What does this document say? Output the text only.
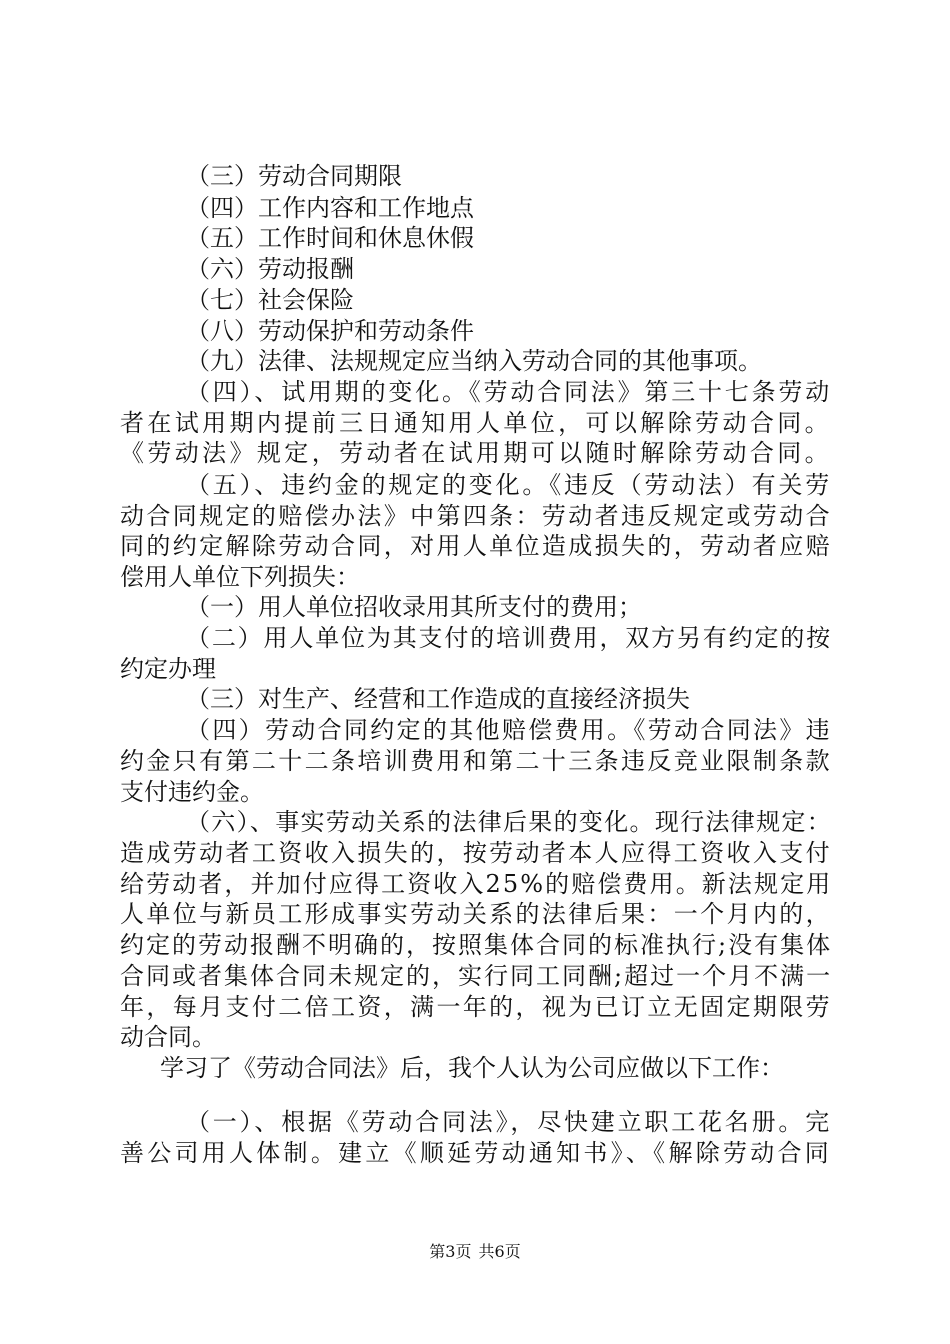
（三）劳动合同期限
（四）工作内容和工作地点
（五）工作时间和休息休假
（六）劳动报酬
（七）社会保险
（八）劳动保护和劳动条件
（九）法律、法规规定应当纳入劳动合同的其他事项。
（四）、试用期的变化。《劳动合同法》第三十七条劳动
者在试用期内提前三日通知用人单位，可以解除劳动合同。
《劳动法》规定，劳动者在试用期可以随时解除劳动合同。
（五）、违约金的规定的变化。《违反（劳动法）有关劳
动合同规定的赔偿办法》中第四条：劳动者违反规定或劳动合
同的约定解除劳动合同，对用人单位造成损失的，劳动者应赔
偿用人单位下列损失：
（一）用人单位招收录用其所支付的费用；
（二）用人单位为其支付的培训费用，双方另有约定的按
约定办理
（三）对生产、经营和工作造成的直接经济损失
（四）劳动合同约定的其他赔偿费用。《劳动合同法》违
约金只有第二十二条培训费用和第二十三条违反竞业限制条款
支付违约金。
（六）、事实劳动关系的法律后果的变化。现行法律规定：
造成劳动者工资收入损失的，按劳动者本人应得工资收入支付
给劳动者，并加付应得工资收入25%的赔偿费用。新法规定用
人单位与新员工形成事实劳动关系的法律后果：一个月内的，
约定的劳动报酬不明确的，按照集体合同的标准执行;没有集体
合同或者集体合同未规定的，实行同工同酬;超过一个月不满一
年，每月支付二倍工资，满一年的，视为已订立无固定期限劳
动合同。
学习了《劳动合同法》后，我个人认为公司应做以下工作：
（一）、根据《劳动合同法》，尽快建立职工花名册。完
善公司用人体制。建立《顺延劳动通知书》、《解除劳动合同
第3页 共6页
